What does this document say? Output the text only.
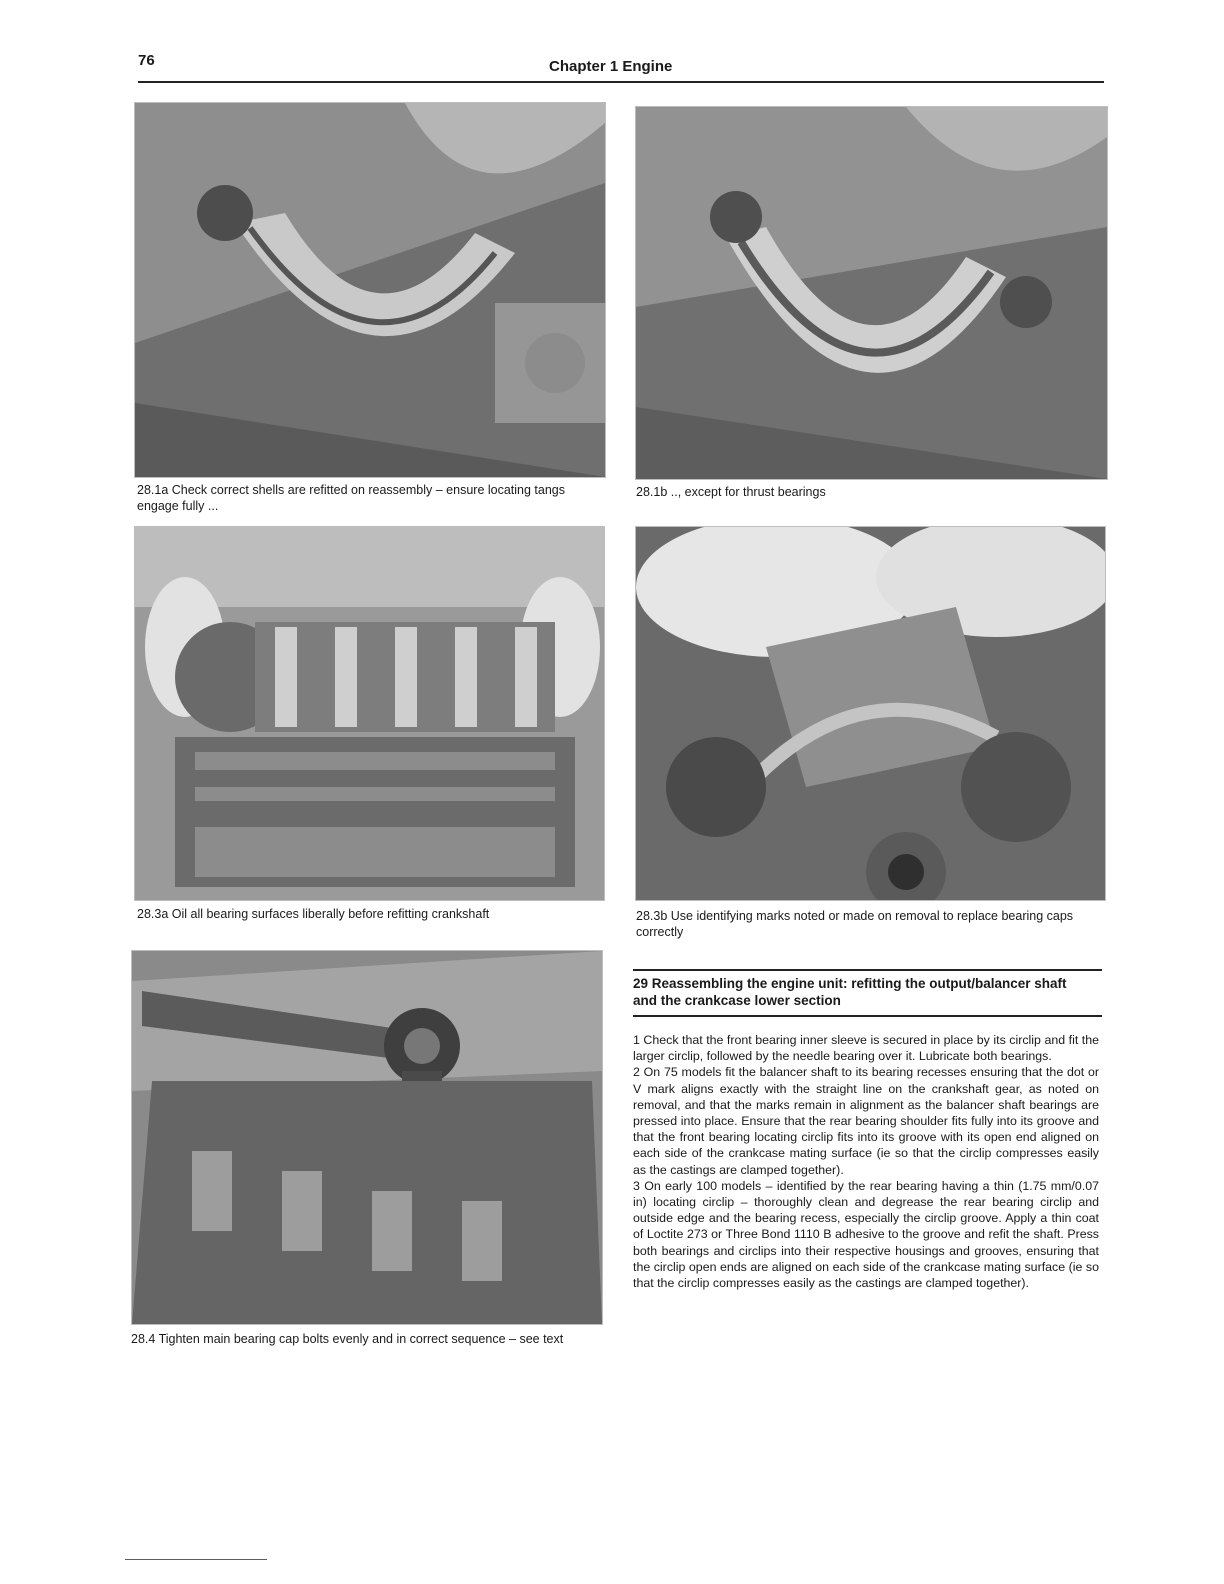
76	Chapter 1 Engine
28.1a Check correct shells are refitted on reassembly – ensure locating tangs engage fully ...
28.1b .., except for thrust bearings
28.3a Oil all bearing surfaces liberally before refitting crankshaft	28.3b Use identifying marks noted or made on removal to replace bearing caps correctly
28.4 Tighten main bearing cap bolts evenly and in correct sequence – see text
29 Reassembling the engine unit: refitting the output/balancer shaft and the crankcase lower section

1 Check that the front bearing inner sleeve is secured in place by its circlip and fit the larger circlip, followed by the needle bearing over it. Lubricate both bearings.

2 On 75 models fit the balancer shaft to its bearing recesses ensuring that the dot or V mark aligns exactly with the straight line on the crankshaft gear, as noted on removal, and that the marks remain in alignment as the balancer shaft bearings are pressed into place. Ensure that the rear bearing shoulder fits fully into its groove and that the front bearing locating circlip fits into its groove with its open end aligned on each side of the crankcase mating surface (ie so that the circlip compresses easily as the castings are clamped together).

3 On early 100 models – identified by the rear bearing having a thin (1.75 mm/0.07 in) locating circlip – thoroughly clean and degrease the rear bearing circlip and outside edge and the bearing recess, especially the circlip groove. Apply a thin coat of Loctite 273 or Three Bond 1110 B adhesive to the groove and refit the shaft. Press both bearings and circlips into their respective housings and grooves, ensuring that the circlip open ends are aligned on each side of the crankcase mating surface (ie so that the circlip compresses easily as the castings are clamped together).
